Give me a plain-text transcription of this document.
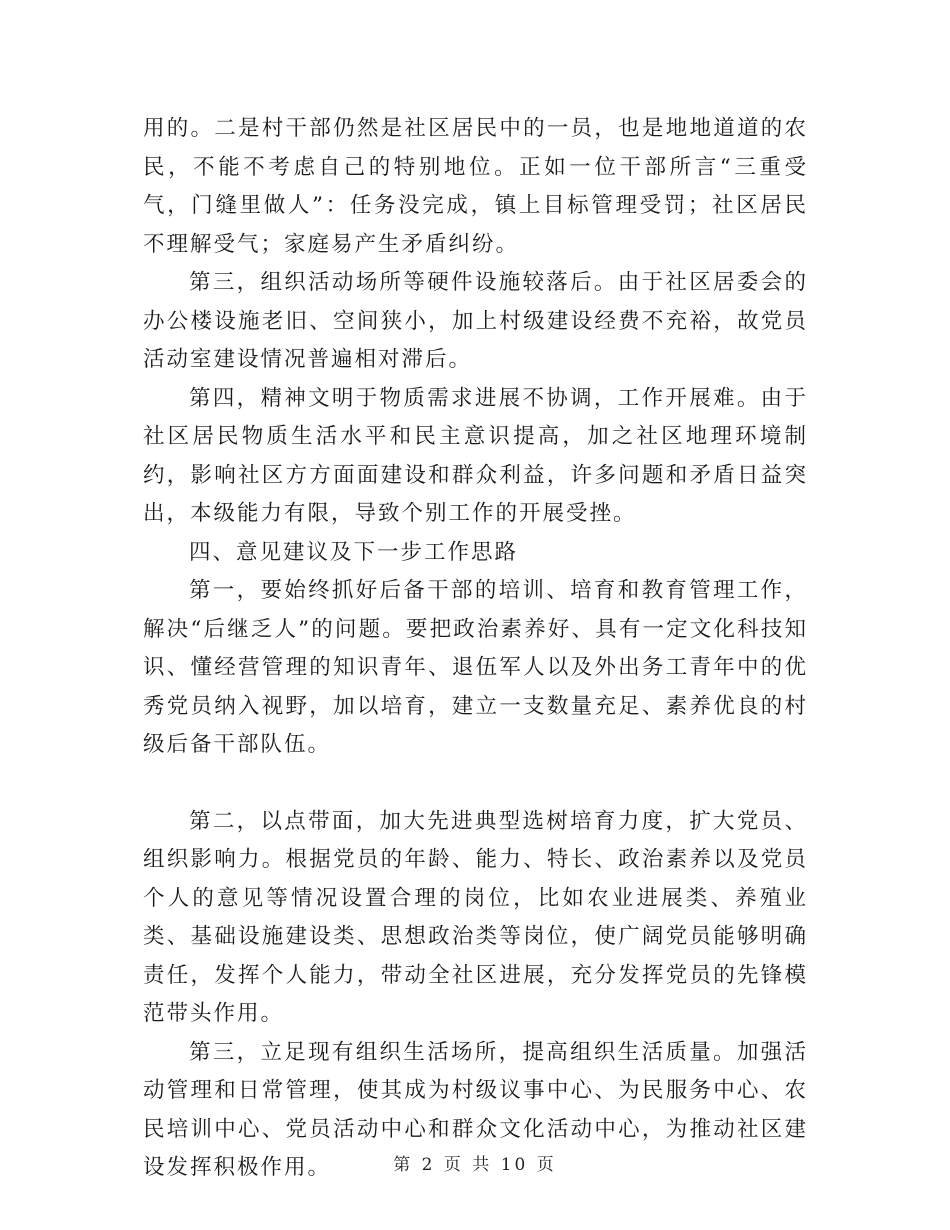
用的。二是村干部仍然是社区居民中的一员，也是地地道道的农民，不能不考虑自己的特别地位。正如一位干部所言“三重受气，门缝里做人”：任务没完成，镇上目标管理受罚；社区居民不理解受气；家庭易产生矛盾纠纷。

第三，组织活动场所等硬件设施较落后。由于社区居委会的办公楼设施老旧、空间狭小，加上村级建设经费不充裕，故党员活动室建设情况普遍相对滞后。

第四，精神文明于物质需求进展不协调，工作开展难。由于社区居民物质生活水平和民主意识提高，加之社区地理环境制约，影响社区方方面面建设和群众利益，许多问题和矛盾日益突出，本级能力有限，导致个别工作的开展受挫。

四、意见建议及下一步工作思路

第一，要始终抓好后备干部的培训、培育和教育管理工作，解决“后继乏人”的问题。要把政治素养好、具有一定文化科技知识、懂经营管理的知识青年、退伍军人以及外出务工青年中的优秀党员纳入视野，加以培育，建立一支数量充足、素养优良的村级后备干部队伍。

第二，以点带面，加大先进典型选树培育力度，扩大党员、组织影响力。根据党员的年龄、能力、特长、政治素养以及党员个人的意见等情况设置合理的岗位，比如农业进展类、养殖业类、基础设施建设类、思想政治类等岗位，使广阔党员能够明确责任，发挥个人能力，带动全社区进展，充分发挥党员的先锋模范带头作用。

第三，立足现有组织生活场所，提高组织生活质量。加强活动管理和日常管理，使其成为村级议事中心、为民服务中心、农民培训中心、党员活动中心和群众文化活动中心，为推动社区建设发挥积极作用。	第 2 页 共 10 页
